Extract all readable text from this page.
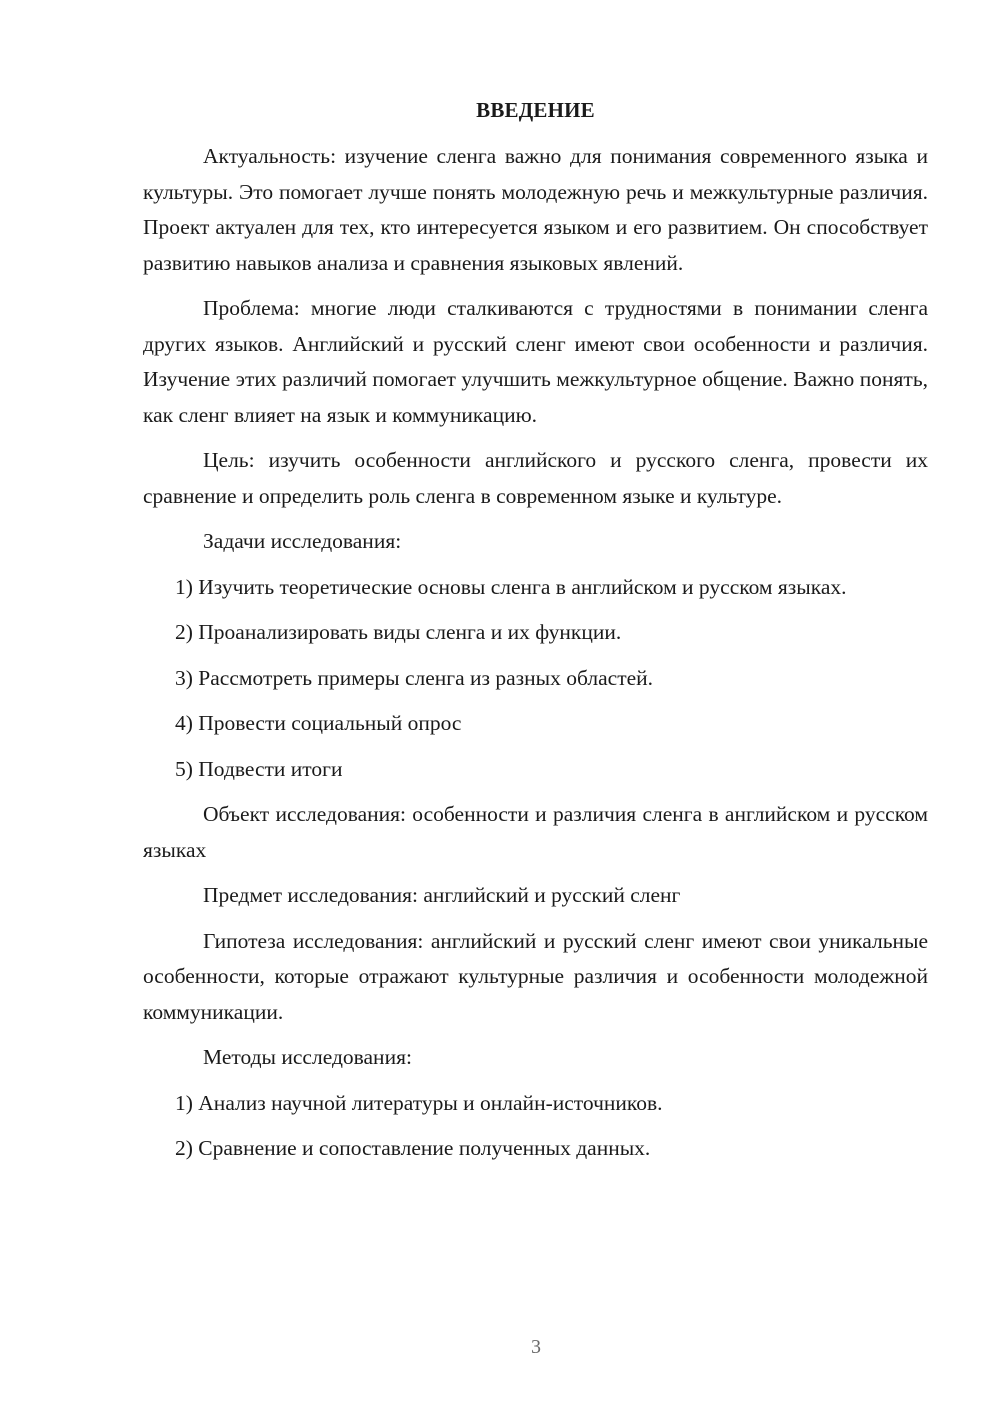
ВВЕДЕНИЕ

Актуальность: изучение сленга важно для понимания современного языка и культуры. Это помогает лучше понять молодежную речь и межкультурные различия. Проект актуален для тех, кто интересуется языком и его развитием. Он способствует развитию навыков анализа и сравнения языковых явлений.

Проблема: многие люди сталкиваются с трудностями в понимании сленга других языков. Английский и русский сленг имеют свои особенности и различия. Изучение этих различий помогает улучшить межкультурное общение. Важно понять, как сленг влияет на язык и коммуникацию.

Цель: изучить особенности английского и русского сленга, провести их сравнение и определить роль сленга в современном языке и культуре.

Задачи исследования:

1) Изучить теоретические основы сленга в английском и русском языках.

2) Проанализировать виды сленга и их функции.

3) Рассмотреть примеры сленга из разных областей.

4) Провести социальный опрос

5) Подвести итоги

Объект исследования: особенности и различия сленга в английском и русском языках

Предмет исследования: английский и русский сленг

Гипотеза исследования: английский и русский сленг имеют свои уникальные особенности, которые отражают культурные различия и особенности молодежной коммуникации.

Методы исследования:

1) Анализ научной литературы и онлайн-источников.

2) Сравнение и сопоставление полученных данных.

3
